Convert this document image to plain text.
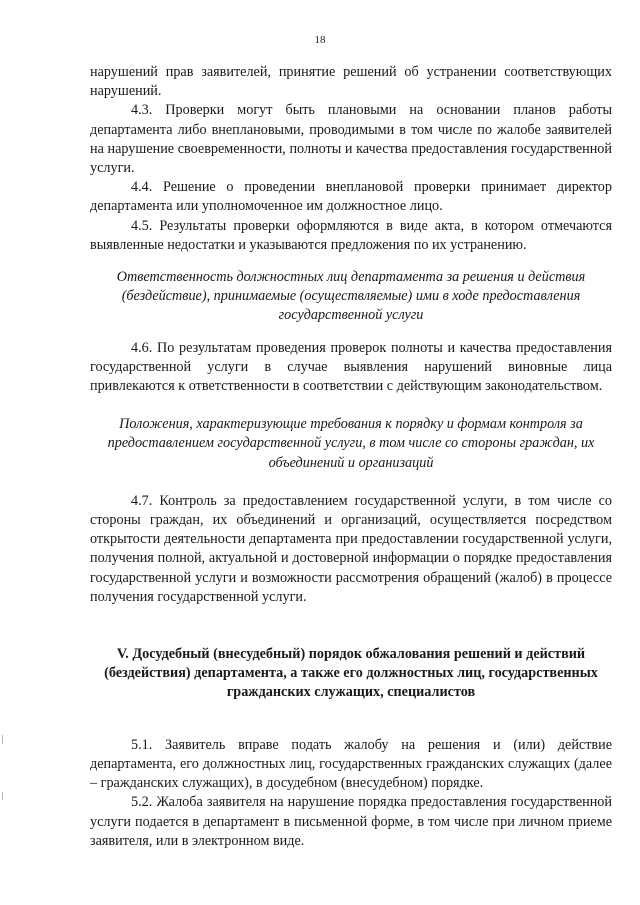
18

нарушений прав заявителей, принятие решений об устранении соответствующих нарушений.

4.3. Проверки могут быть плановыми на основании планов работы департамента либо внеплановыми, проводимыми в том числе по жалобе заявителей на нарушение своевременности, полноты и качества предоставления государственной услуги.

4.4. Решение о проведении внеплановой проверки принимает директор департамента или уполномоченное им должностное лицо.

4.5. Результаты проверки оформляются в виде акта, в котором отмечаются выявленные недостатки и указываются предложения по их устранению.

Ответственность должностных лиц департамента за решения и действия (бездействие), принимаемые (осуществляемые) ими в ходе предоставления государственной услуги

4.6. По результатам проведения проверок полноты и качества предоставления государственной услуги в случае выявления нарушений виновные лица привлекаются к ответственности в соответствии с действующим законодательством.

Положения, характеризующие требования к порядку и формам контроля за предоставлением государственной услуги, в том числе со стороны граждан, их объединений и организаций

4.7. Контроль за предоставлением государственной услуги, в том числе со стороны граждан, их объединений и организаций, осуществляется посредством открытости деятельности департамента при предоставлении государственной услуги, получения полной, актуальной и достоверной информации о порядке предоставления государственной услуги и возможности рассмотрения обращений (жалоб) в процессе получения государственной услуги.

V. Досудебный (внесудебный) порядок обжалования решений и действий (бездействия) департамента, а также его должностных лиц, государственных гражданских служащих, специалистов

5.1. Заявитель вправе подать жалобу на решения и (или) действие департамента, его должностных лиц, государственных гражданских служащих (далее – гражданских служащих), в досудебном (внесудебном) порядке.

5.2. Жалоба заявителя на нарушение порядка предоставления государственной услуги подается в департамент в письменной форме, в том числе при личном приеме заявителя, или в электронном виде.
